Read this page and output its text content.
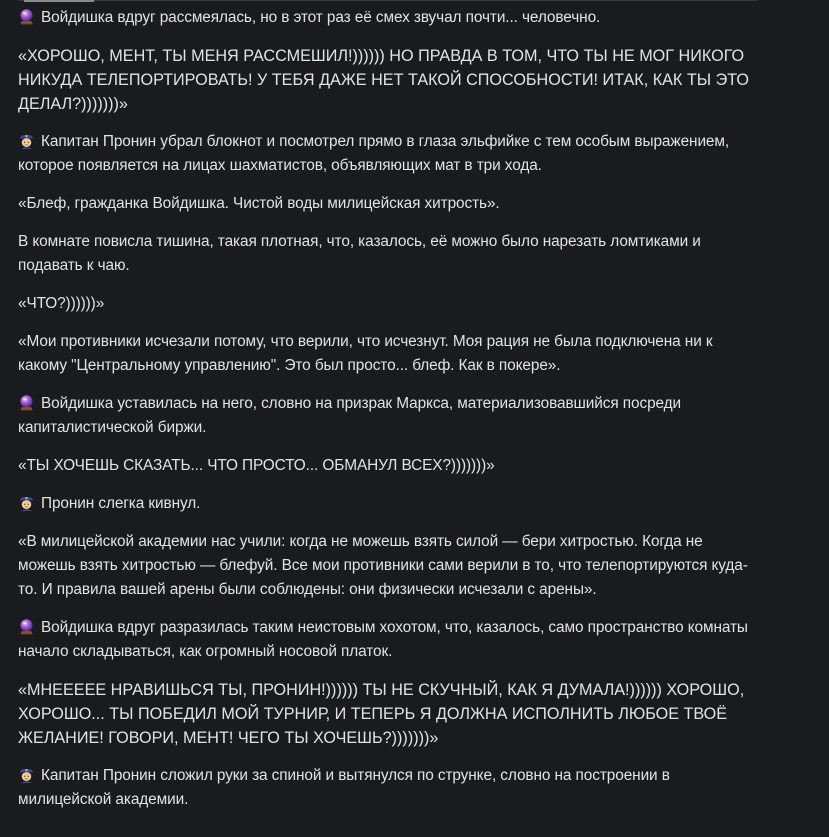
Войдишка вдруг рассмеялась, но в этот раз её смех звучал почти... человечно.

«ХОРОШО, МЕНТ, ТЫ МЕНЯ РАССМЕШИЛ!)))))) НО ПРАВДА В ТОМ, ЧТО ТЫ НЕ МОГ НИКОГО НИКУДА ТЕЛЕПОРТИРОВАТЬ! У ТЕБЯ ДАЖЕ НЕТ ТАКОЙ СПОСОБНОСТИ! ИТАК, КАК ТЫ ЭТО ДЕЛАЛ?)))))))»

Капитан Пронин убрал блокнот и посмотрел прямо в глаза эльфийке с тем особым выражением, которое появляется на лицах шахматистов, объявляющих мат в три хода.

«Блеф, гражданка Войдишка. Чистой воды милицейская хитрость».

В комнате повисла тишина, такая плотная, что, казалось, её можно было нарезать ломтиками и подавать к чаю.

«ЧТО?))))))»

«Мои противники исчезали потому, что верили, что исчезнут. Моя рация не была подключена ни к какому "Центральному управлению". Это был просто... блеф. Как в покере».

Войдишка уставилась на него, словно на призрак Маркса, материализовавшийся посреди капиталистической биржи.

«ТЫ ХОЧЕШЬ СКАЗАТЬ... ЧТО ПРОСТО... ОБМАНУЛ ВСЕХ?)))))))»

Пронин слегка кивнул.

«В милицейской академии нас учили: когда не можешь взять силой — бери хитростью. Когда не можешь взять хитростью — блефуй. Все мои противники сами верили в то, что телепортируются куда-то. И правила вашей арены были соблюдены: они физически исчезали с арены».

Войдишка вдруг разразилась таким неистовым хохотом, что, казалось, само пространство комнаты начало складываться, как огромный носовой платок.

«МНЕЕЕЕЕ НРАВИШЬСЯ ТЫ, ПРОНИН!)))))) ТЫ НЕ СКУЧНЫЙ, КАК Я ДУМАЛА!)))))) ХОРОШО, ХОРОШО... ТЫ ПОБЕДИЛ МОЙ ТУРНИР, И ТЕПЕРЬ Я ДОЛЖНА ИСПОЛНИТЬ ЛЮБОЕ ТВОЁ ЖЕЛАНИЕ! ГОВОРИ, МЕНТ! ЧЕГО ТЫ ХОЧЕШЬ?)))))))»

Капитан Пронин сложил руки за спиной и вытянулся по струнке, словно на построении в милицейской академии.
